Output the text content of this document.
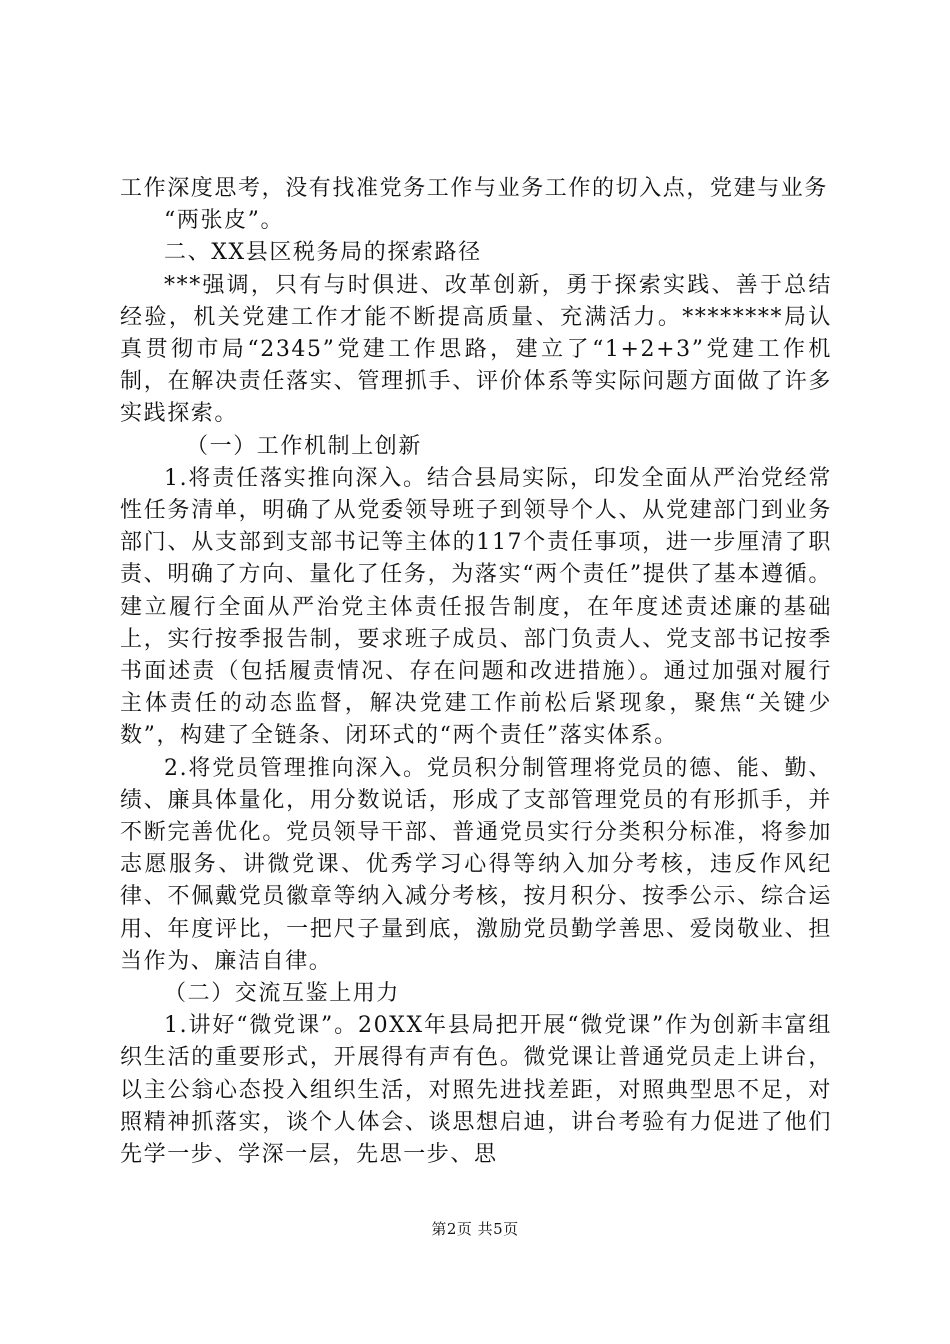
工作深度思考，没有找准党务工作与业务工作的切入点，党建与业务

“两张皮”。

二、XX县区税务局的探索路径

***强调，只有与时俱进、改革创新，勇于探索实践、善于总结经验，机关党建工作才能不断提高质量、充满活力。********局认真贯彻市局“2345”党建工作思路，建立了“1+2+3”党建工作机制，在解决责任落实、管理抓手、评价体系等实际问题方面做了许多实践探索。

（一）工作机制上创新

1.将责任落实推向深入。结合县局实际，印发全面从严治党经常性任务清单，明确了从党委领导班子到领导个人、从党建部门到业务部门、从支部到支部书记等主体的117个责任事项，进一步厘清了职责、明确了方向、量化了任务，为落实“两个责任”提供了基本遵循。建立履行全面从严治党主体责任报告制度，在年度述责述廉的基础上，实行按季报告制，要求班子成员、部门负责人、党支部书记按季书面述责（包括履责情况、存在问题和改进措施）。通过加强对履行主体责任的动态监督，解决党建工作前松后紧现象，聚焦“关键少数”，构建了全链条、闭环式的“两个责任”落实体系。

2.将党员管理推向深入。党员积分制管理将党员的德、能、勤、绩、廉具体量化，用分数说话，形成了支部管理党员的有形抓手，并不断完善优化。党员领导干部、普通党员实行分类积分标准，将参加志愿服务、讲微党课、优秀学习心得等纳入加分考核，违反作风纪律、不佩戴党员徽章等纳入减分考核，按月积分、按季公示、综合运用、年度评比，一把尺子量到底，激励党员勤学善思、爱岗敬业、担当作为、廉洁自律。

（二）交流互鉴上用力

1.讲好“微党课”。20XX年县局把开展“微党课”作为创新丰富组织生活的重要形式，开展得有声有色。微党课让普通党员走上讲台，以主公翁心态投入组织生活，对照先进找差距，对照典型思不足，对照精神抓落实，谈个人体会、谈思想启迪，讲台考验有力促进了他们先学一步、学深一层，先思一步、思

第2页 共5页
